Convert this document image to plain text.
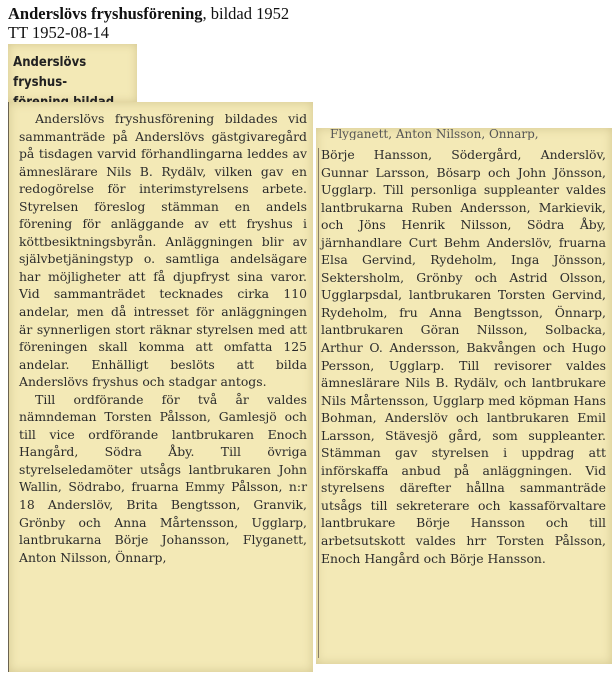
Anderslövs fryshusförening, bildad 1952
TT 1952-08-14
Anderslövs fryshus-

Anderslövs fryshusförening bildades vid sammanträde på Anderslövs gästgivaregård på tisdagen varvid förhandlingarna leddes av ämneslärare Nils B. Rydälv, vilken gav en redogörelse för interimstyrelsens arbete. Styrelsen föreslog stämman en andels förening för anläggande av ett fryshus i köttbesiktningsbyrån. Anläggningen blir av självbetjäningstyp o. samtliga andelsägare har möjligheter att få djupfryst sina varor. Vid sammanträdet tecknades cirka 110 andelar, men då intresset för anläggningen är synnerligen stort räknar styrelsen med att föreningen skall komma att omfatta 125 andelar. Enhälligt beslöts att bilda Anderslövs fryshus och stadgar antogs.

Till ordförande för två år valdes nämndeman Torsten Pålsson, Gamlesjö och till vice ordförande lantbrukaren Enoch Hangård, Södra Åby. Till övriga styrelseledamöter utsågs lantbrukaren John Wallin, Södrabo, fruarna Emmy Pålsson, n:r 18 Anderslöv, Brita Bengtsson, Granvik, Grönby och Anna Mårtensson, Ugglarp, lantbrukarna Börje Johansson, Flyganett, Anton Nilsson, Önnarp,

Flyganett, Anton Nilsson, Önnarp,

Börje Hansson, Södergård, Anderslöv, Gunnar Larsson, Bösarp och John Jönsson, Ugglarp. Till personliga suppleanter valdes lantbrukarna Ruben Andersson, Markievik, och Jöns Henrik Nilsson, Södra Åby, järnhandlare Curt Behm Anderslöv, fruarna Elsa Gervind, Rydeholm, Inga Jönsson, Sektersholm, Grönby och Astrid Olsson, Ugglarpsdal, lantbrukaren Torsten Gervind, Rydeholm, fru Anna Bengtsson, Önnarp, lantbrukaren Göran Nilsson, Solbacka, Arthur O. Andersson, Bakvången och Hugo Persson, Ugglarp. Till revisorer valdes ämneslärare Nils B. Rydälv, och lantbrukare Nils Mårtensson, Ugglarp med köpman Hans Bohman, Anderslöv och lantbrukaren Emil Larsson, Stävesjö gård, som suppleanter. Stämman gav styrelsen i uppdrag att införskaffa anbud på anläggningen. Vid styrelsens därefter hållna sammanträde utsågs till sekreterare och kassaförvaltare lantbrukare Börje Hansson och till arbetsutskott valdes hrr Torsten Pålsson, Enoch Hangård och Börje Hansson.
